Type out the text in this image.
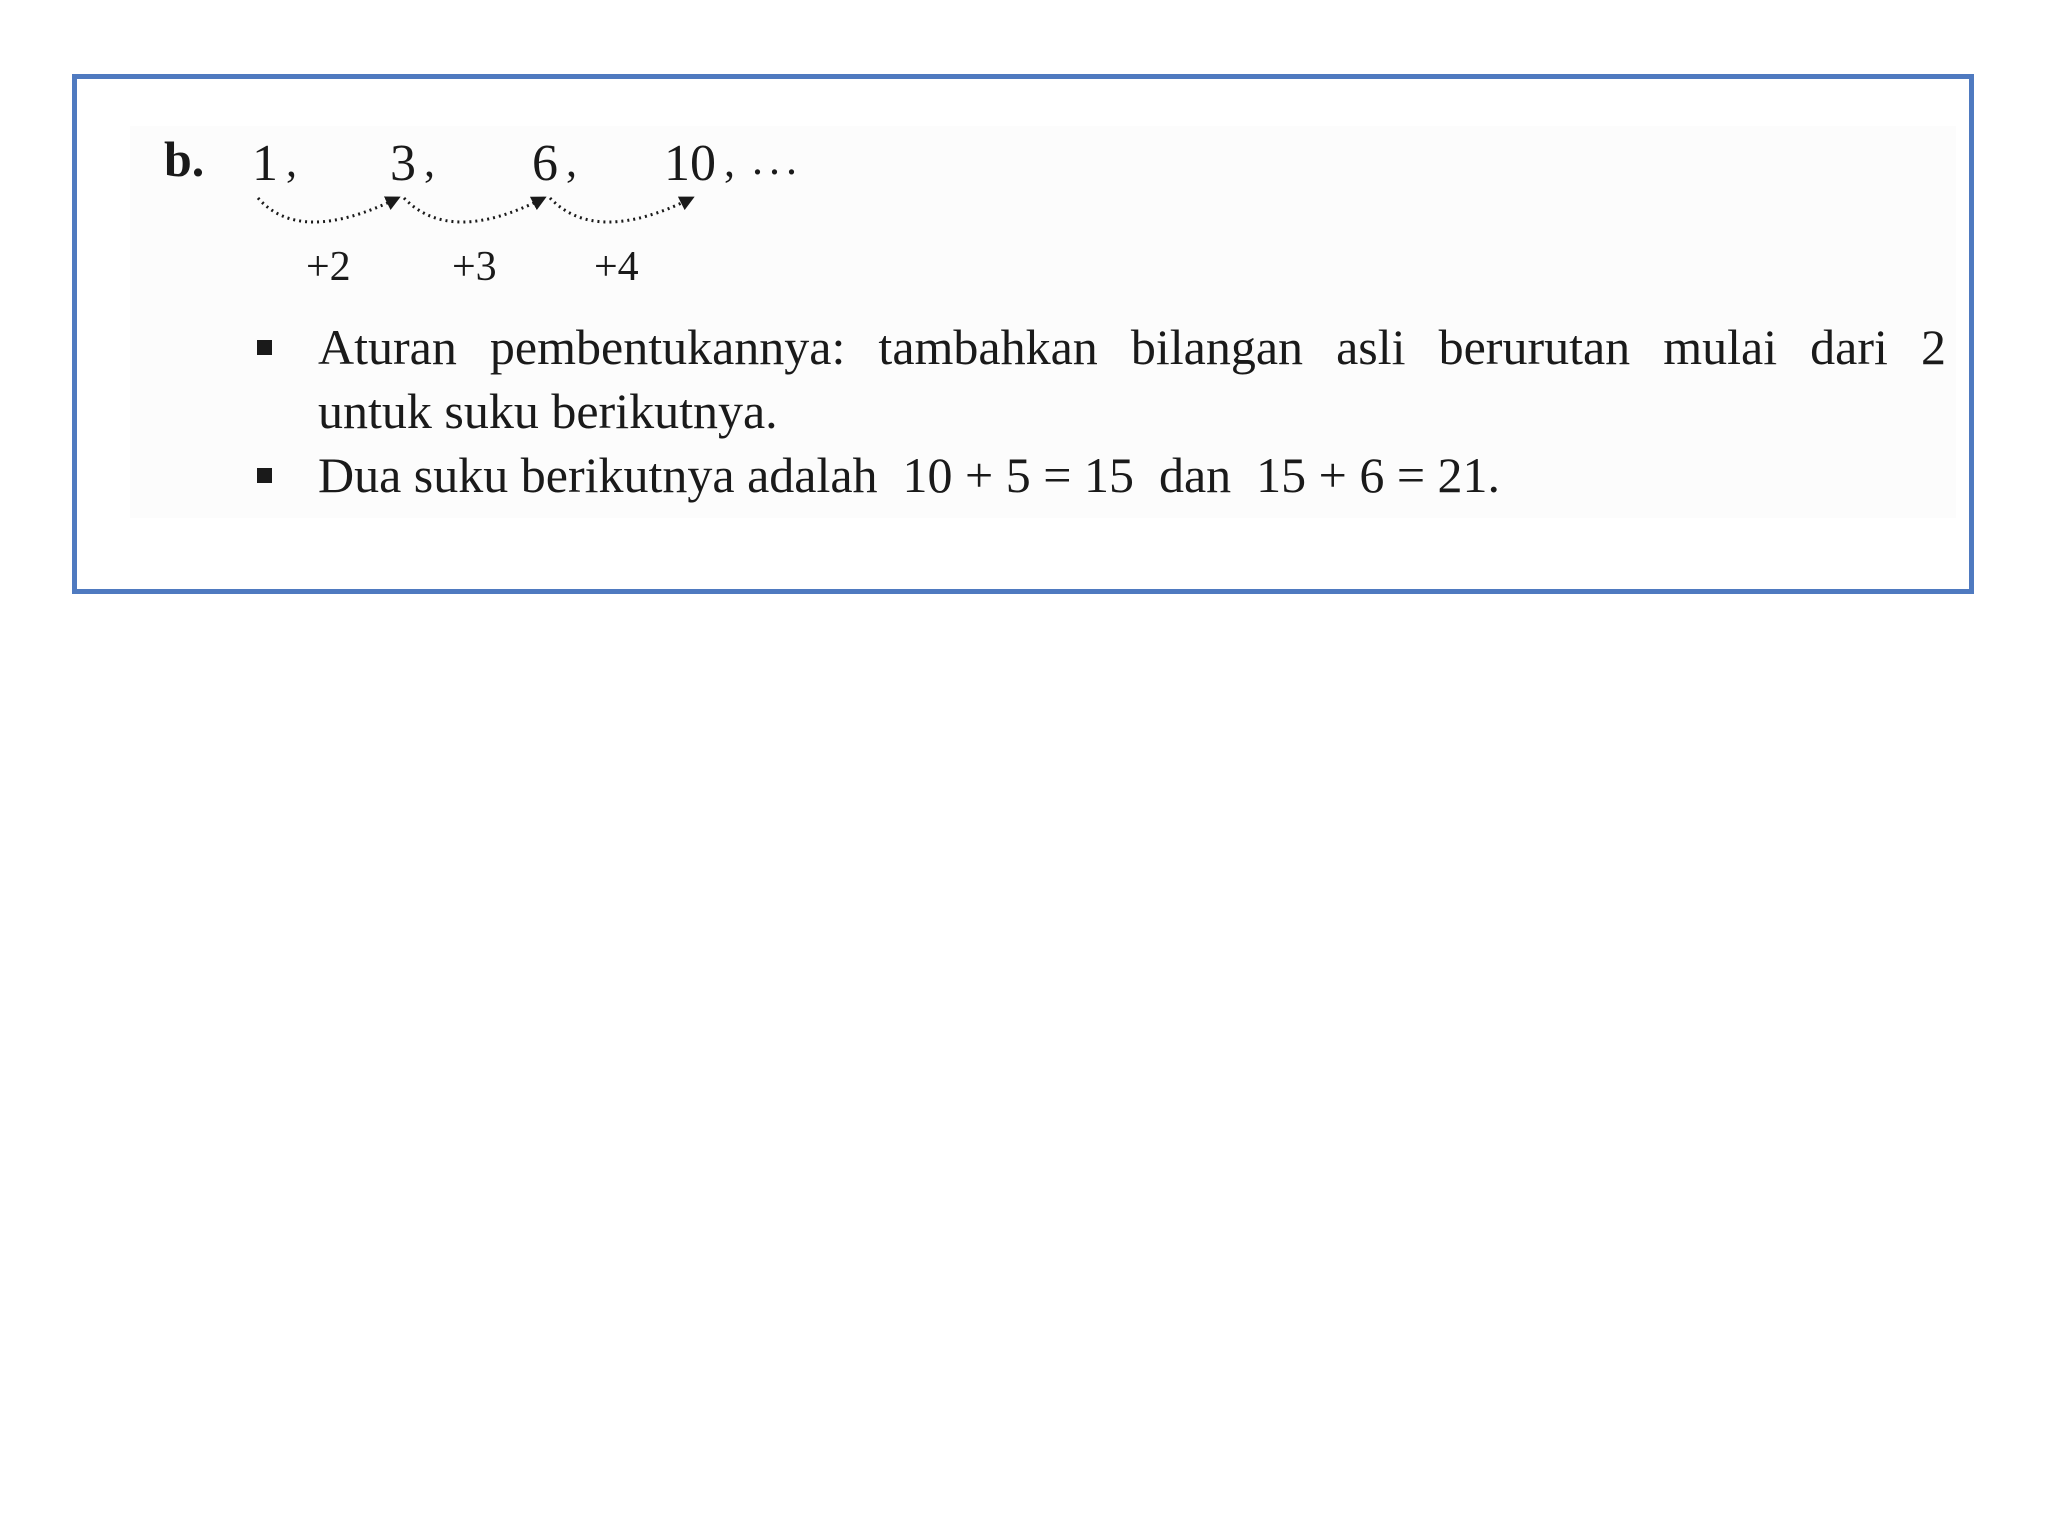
b. 1 , 3 , 6 , 10 , ...
+2 +3 +4
Aturan pembentukannya: tambahkan bilangan asli berurutan mulai dari 2
untuk suku berikutnya.
Dua suku berikutnya adalah  10 + 5 = 15  dan  15 + 6 = 21.
